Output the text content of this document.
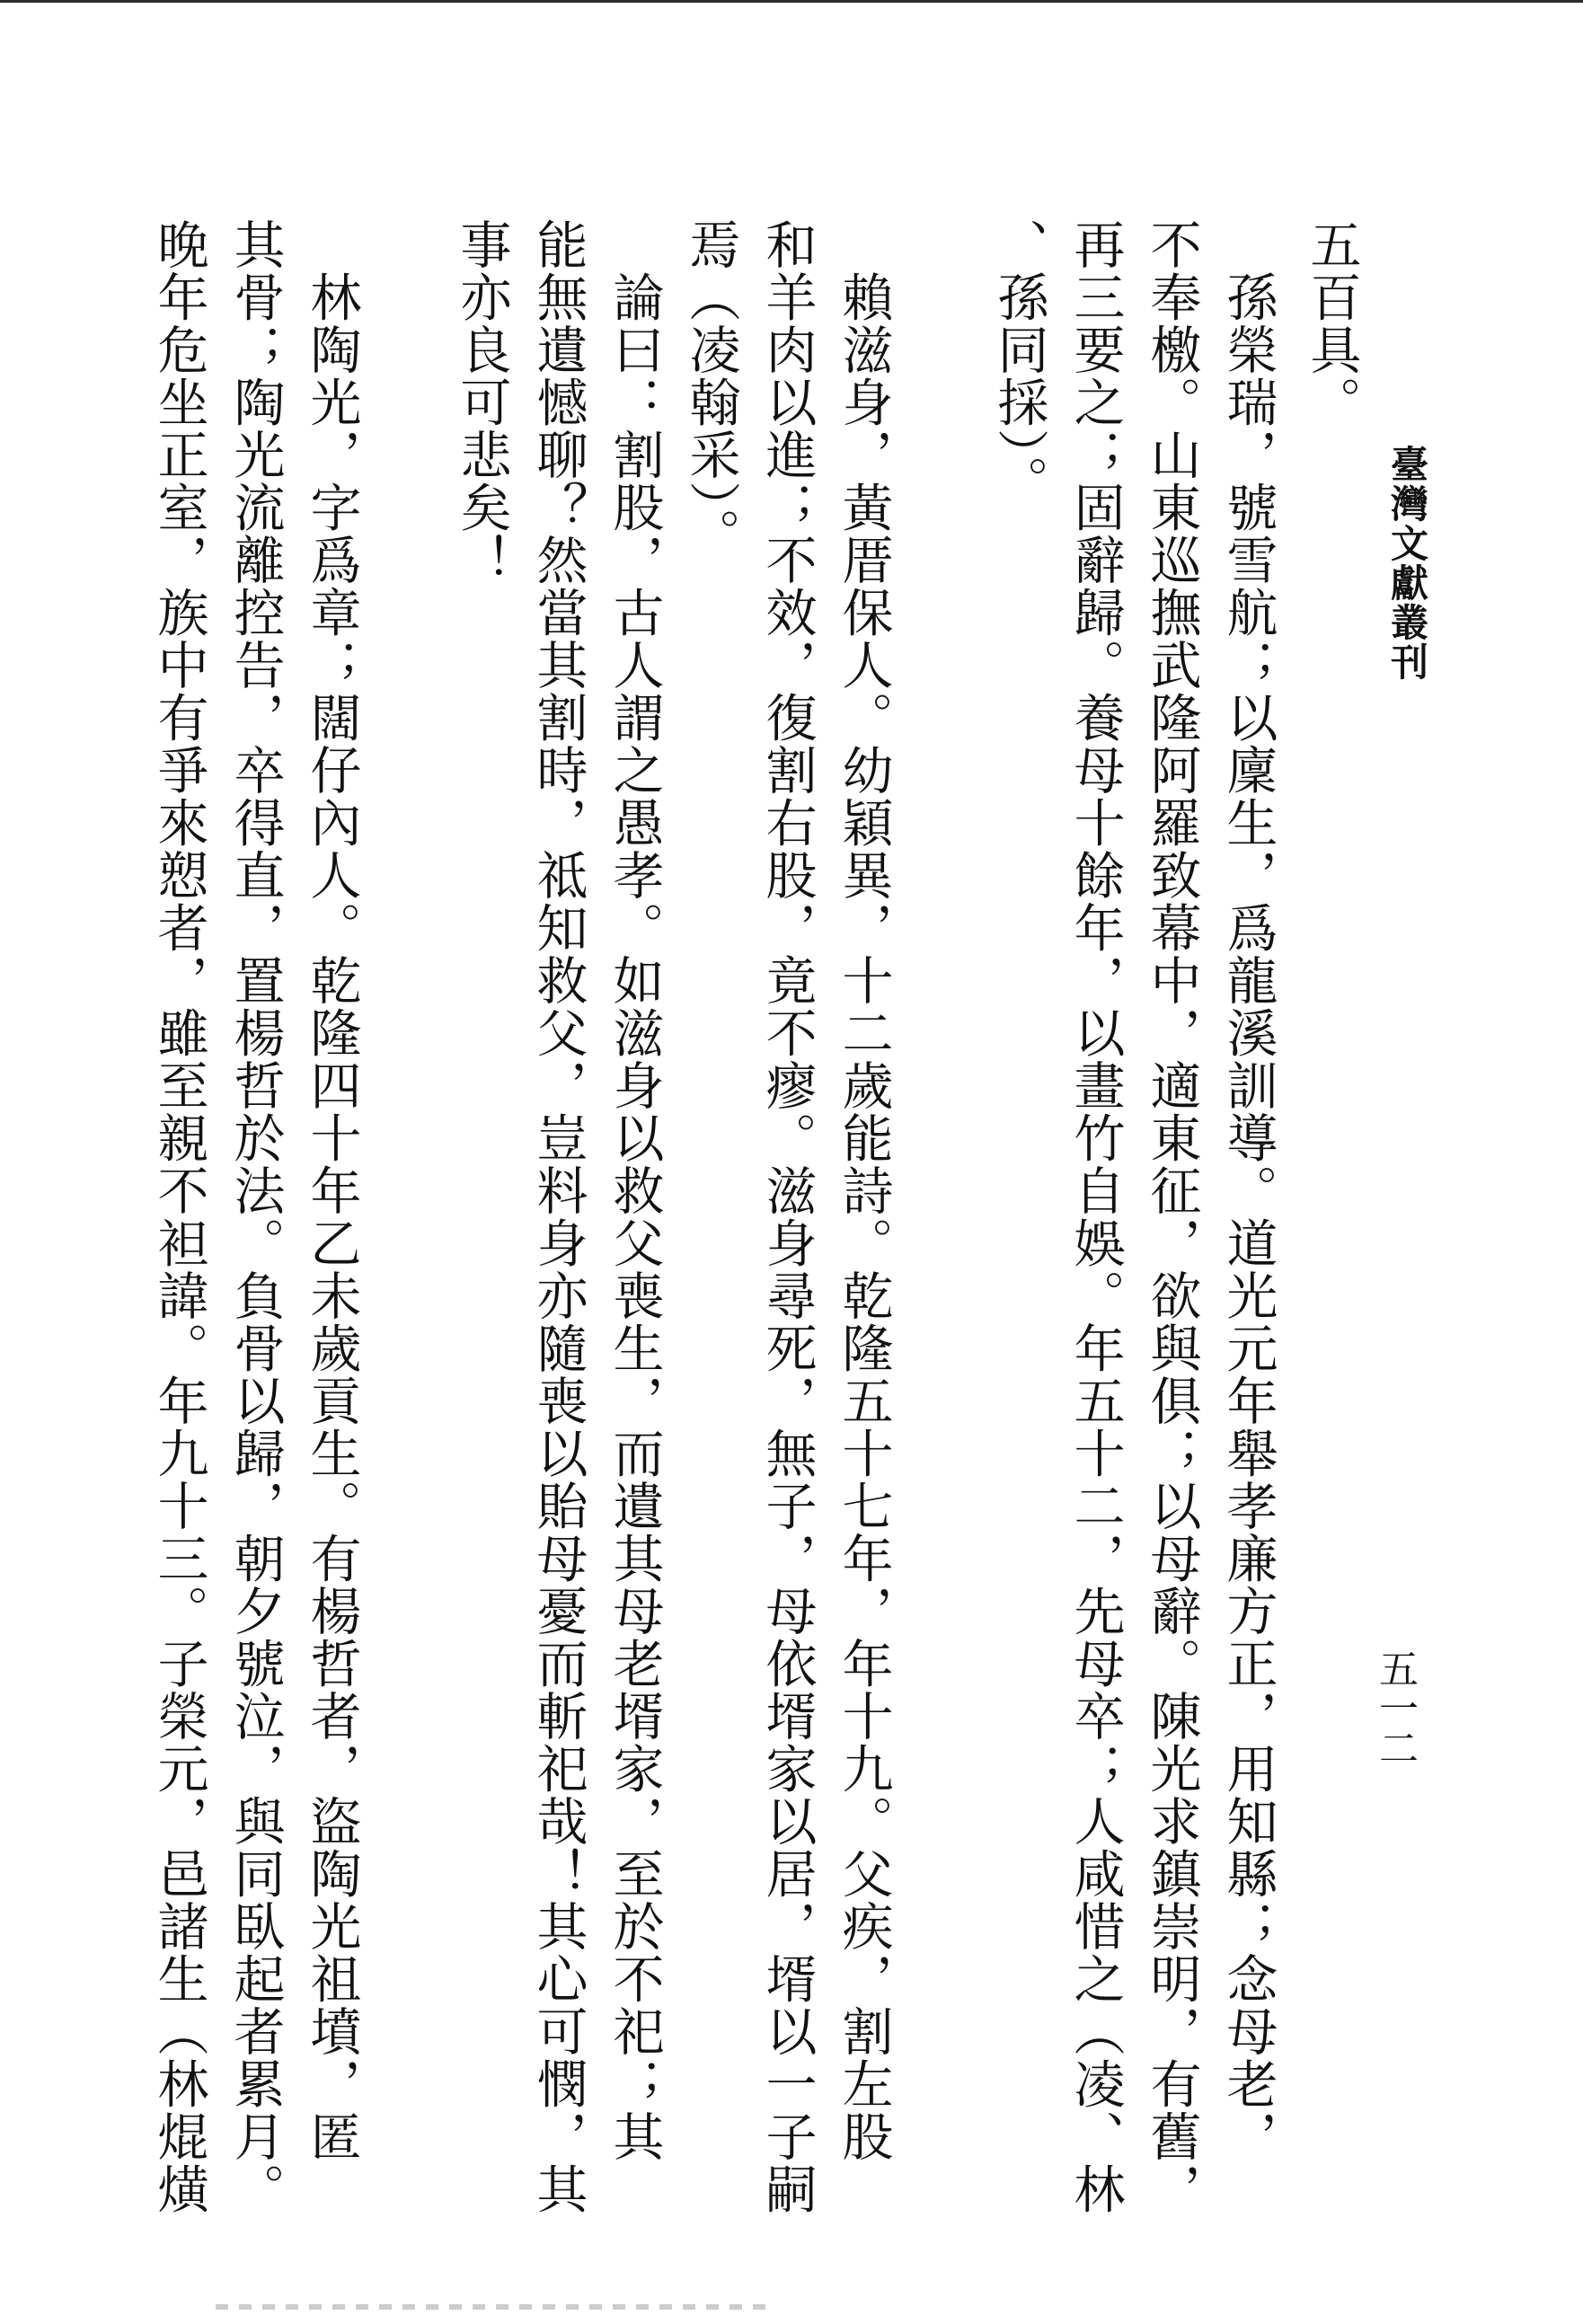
臺灣文獻叢刊
五一二
五百具。
　孫榮瑞，號雪航；以廩生，爲龍溪訓導。道光元年舉孝廉方正，用知縣；念母老，
不奉檄。山東巡撫武隆阿羅致幕中，適東征，欲與俱；以母辭。陳光求鎮崇明，有舊，
再三要之；固辭歸。養母十餘年，以畫竹自娛。年五十二，先母卒；人咸惜之（凌、林
、孫同採）。
　賴滋身，黃厝保人。幼穎異，十二歲能詩。乾隆五十七年，年十九。父疾，割左股
和羊肉以進；不效，復割右股，竟不瘳。滋身尋死，無子，母依壻家以居，壻以一子嗣
焉（凌翰采）。
　論曰：割股，古人謂之愚孝。如滋身以救父喪生，而遺其母老壻家，至於不祀；其
能無遺憾聊？然當其割時，祗知救父，豈料身亦隨喪以貽母憂而斬祀哉！其心可憫，其
事亦良可悲矣！
　林陶光，字爲章；闊仔內人。乾隆四十年乙未歲貢生。有楊哲者，盜陶光祖墳，匿
其骨；陶光流離控告，卒得直，置楊哲於法。負骨以歸，朝夕號泣，與同臥起者累月。
晚年危坐正室，族中有爭來愬者，雖至親不袒諱。年九十三。子榮元，邑諸生（林焜熿
